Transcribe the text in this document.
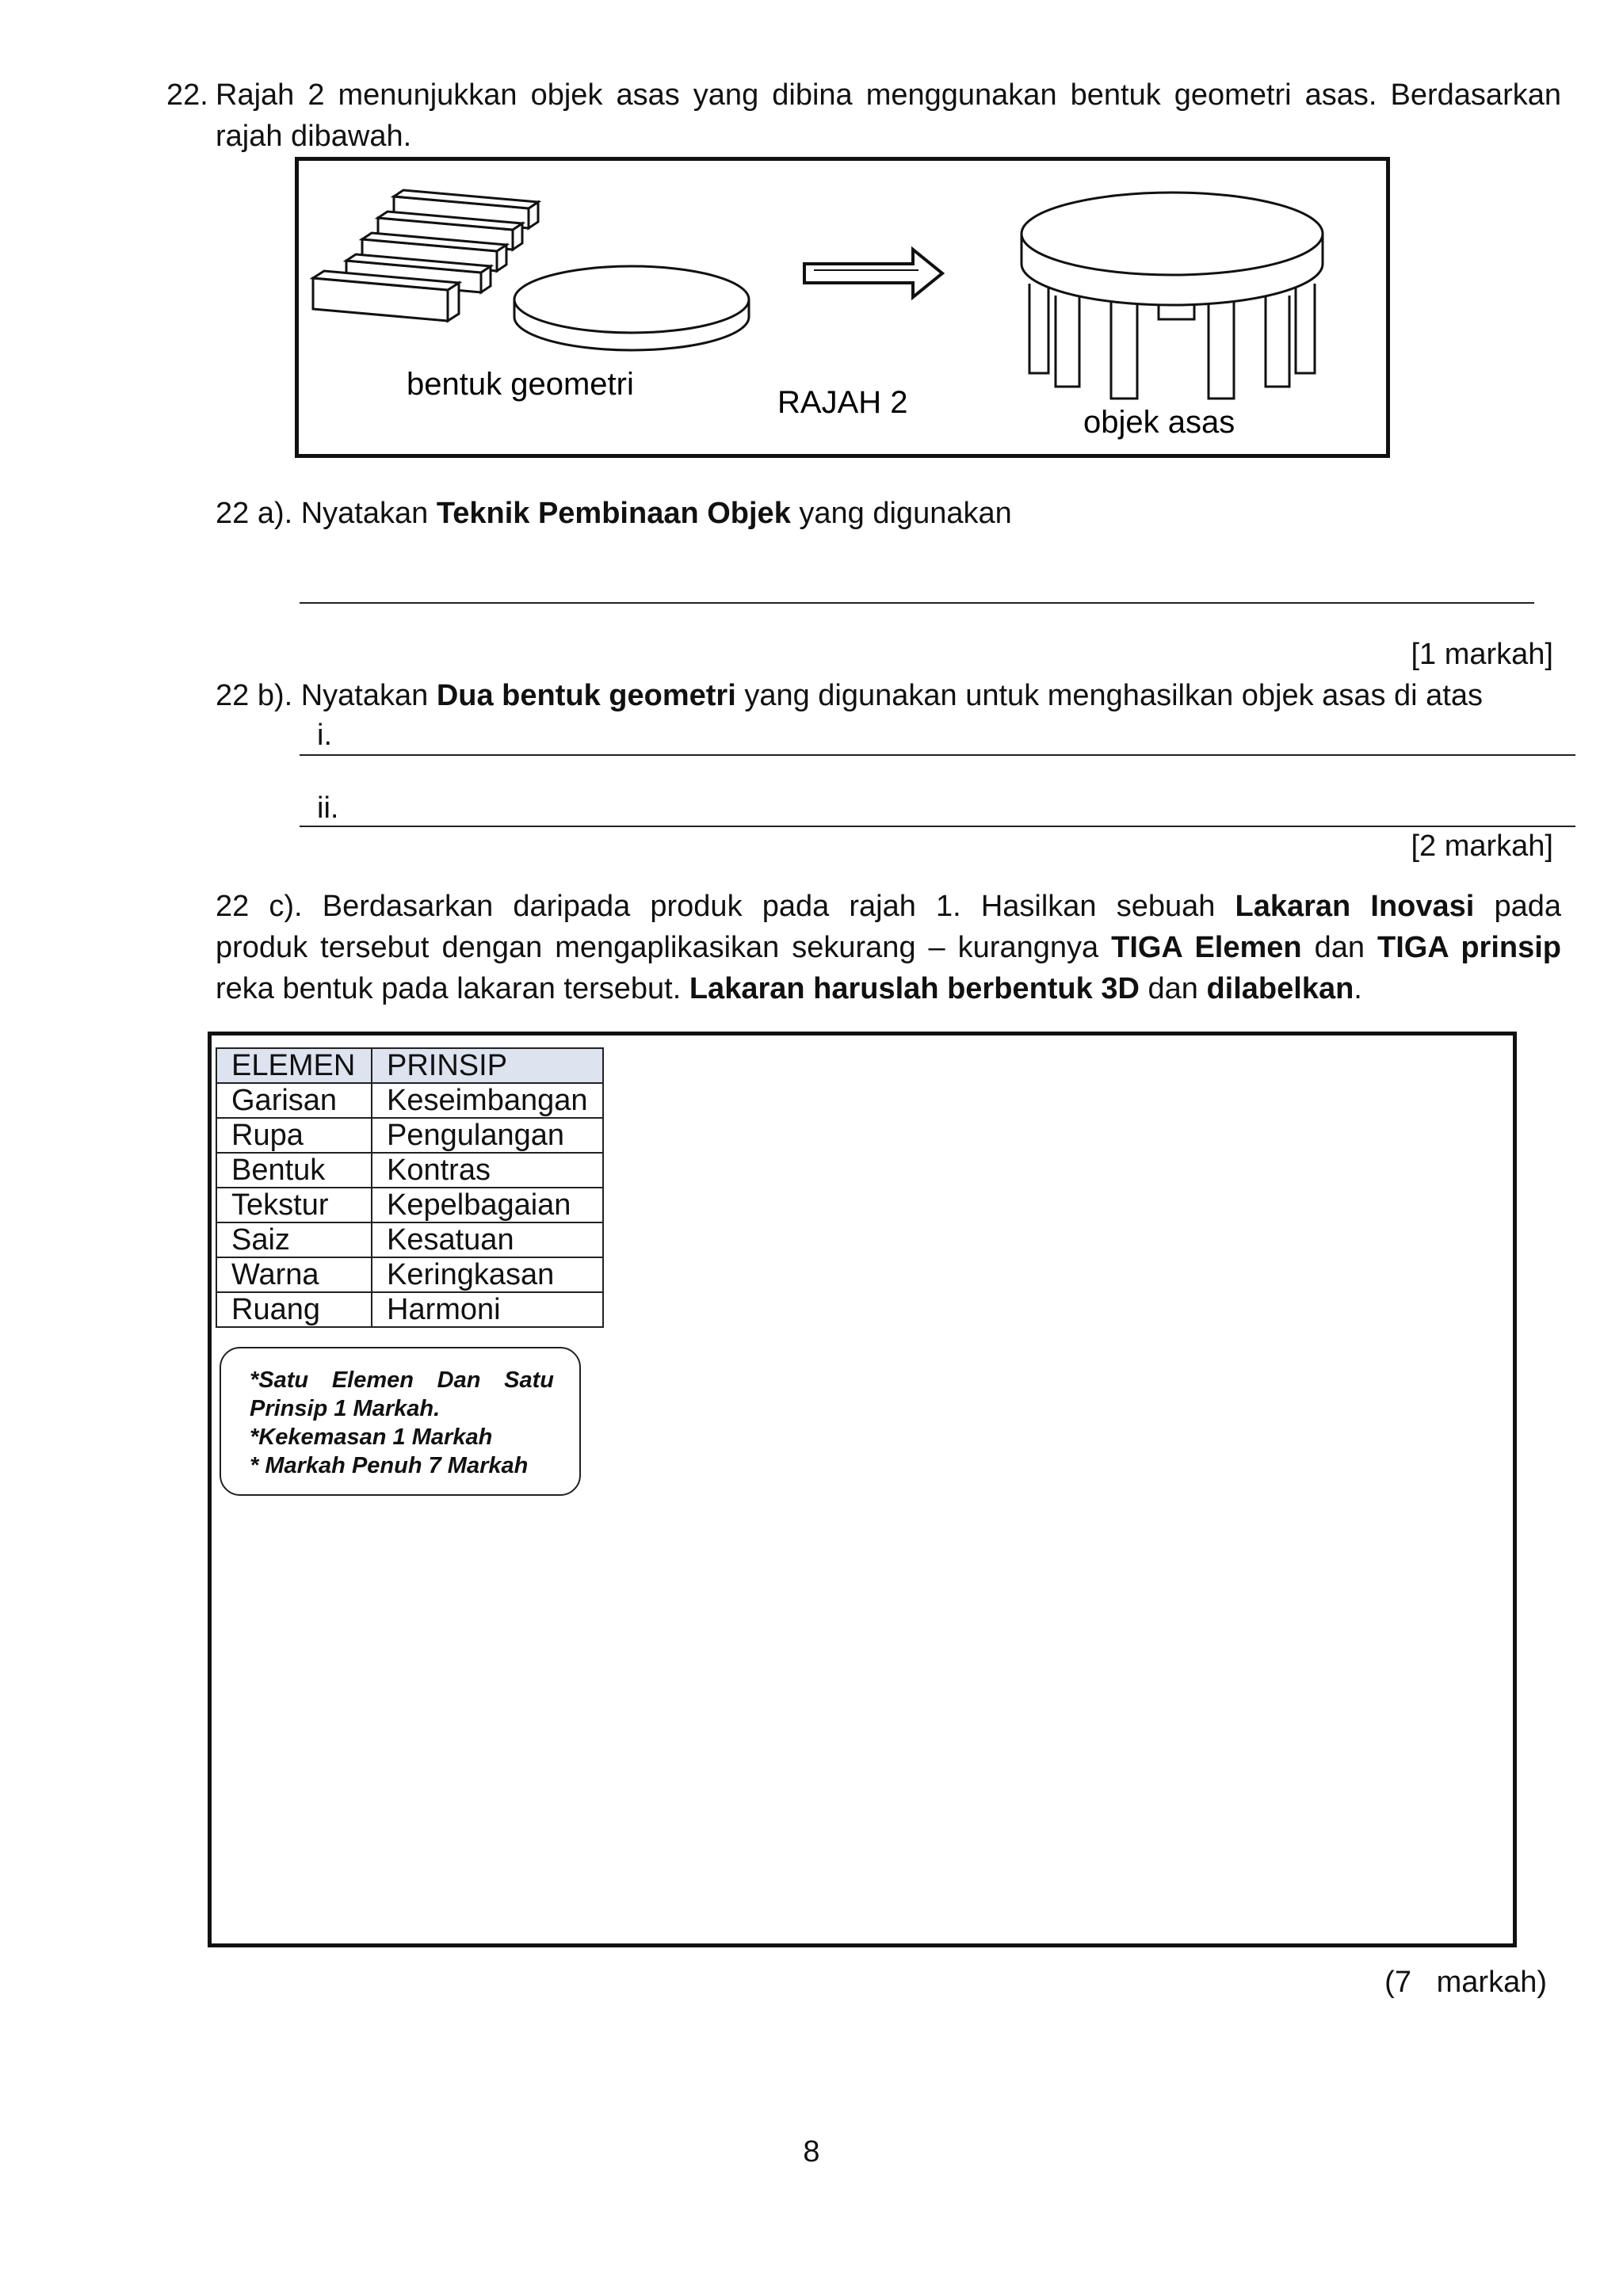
22. Rajah 2 menunjukkan objek asas yang dibina menggunakan bentuk geometri asas. Berdasarkan
rajah dibawah.
bentuk geometri
RAJAH 2
objek asas
22 a). Nyatakan Teknik Pembinaan Objek yang digunakan
[1 markah]
22 b). Nyatakan Dua bentuk geometri yang digunakan untuk menghasilkan objek asas di atas
i.
ii.
[2 markah]
22 c). Berdasarkan daripada produk pada rajah 1. Hasilkan sebuah Lakaran Inovasi pada
produk tersebut dengan mengaplikasikan sekurang – kurangnya TIGA Elemen dan TIGA prinsip
reka bentuk pada lakaran tersebut. Lakaran haruslah berbentuk 3D dan dilabelkan.
ELEMEN	PRINSIP
Garisan	Keseimbangan
Rupa	Pengulangan
Bentuk	Kontras
Tekstur	Kepelbagaian
Saiz	Kesatuan
Warna	Keringkasan
Ruang	Harmoni
*Satu Elemen Dan Satu
Prinsip 1 Markah.
*Kekemasan 1 Markah
* Markah Penuh 7 Markah
(7   markah)
8
